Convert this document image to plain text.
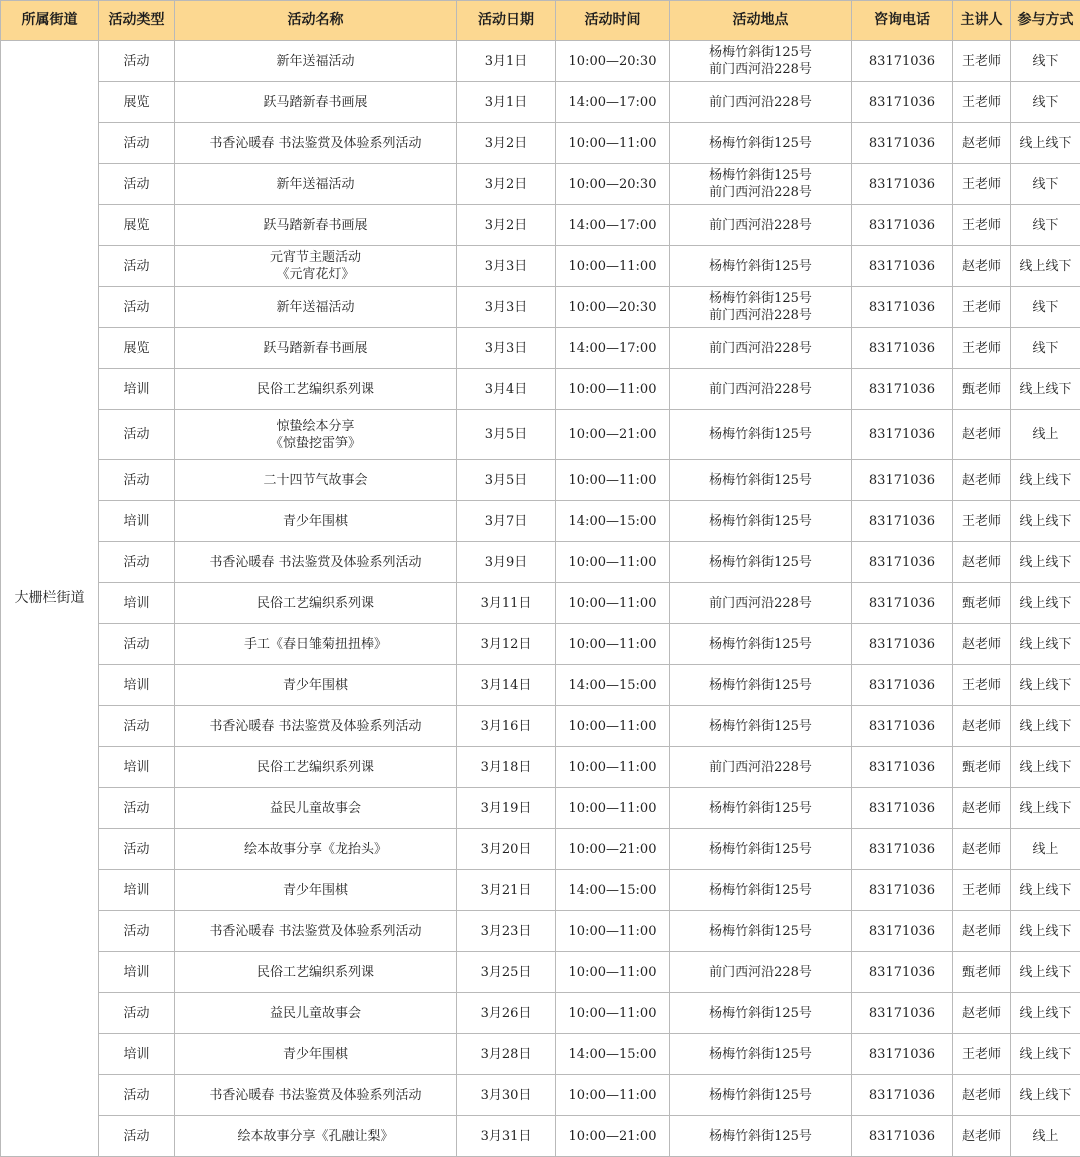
所属街道	活动类型	活动名称	活动日期	活动时间	活动地点	咨询电话	主讲人	参与方式
大栅栏街道	活动	新年送福活动	3月1日	10:00—20:30	杨梅竹斜街125号
前门西河沿228号	83171036	王老师	线下

	展览	跃马踏新春书画展	3月1日	14:00—17:00	前门西河沿228号	83171036	王老师	线下

	活动	书香沁暖春 书法鉴赏及体验系列活动	3月2日	10:00—11:00	杨梅竹斜街125号	83171036	赵老师	线上线下

	活动	新年送福活动	3月2日	10:00—20:30	杨梅竹斜街125号
前门西河沿228号	83171036	王老师	线下

	展览	跃马踏新春书画展	3月2日	14:00—17:00	前门西河沿228号	83171036	王老师	线下

	活动	元宵节主题活动
《元宵花灯》	3月3日	10:00—11:00	杨梅竹斜街125号	83171036	赵老师	线上线下

	活动	新年送福活动	3月3日	10:00—20:30	杨梅竹斜街125号
前门西河沿228号	83171036	王老师	线下

	展览	跃马踏新春书画展	3月3日	14:00—17:00	前门西河沿228号	83171036	王老师	线下

	培训	民俗工艺编织系列课	3月4日	10:00—11:00	前门西河沿228号	83171036	甄老师	线上线下

	活动	惊蛰绘本分享
《惊蛰挖雷笋》	3月5日	10:00—21:00	杨梅竹斜街125号	83171036	赵老师	线上

	活动	二十四节气故事会	3月5日	10:00—11:00	杨梅竹斜街125号	83171036	赵老师	线上线下

	培训	青少年围棋	3月7日	14:00—15:00	杨梅竹斜街125号	83171036	王老师	线上线下

	活动	书香沁暖春 书法鉴赏及体验系列活动	3月9日	10:00—11:00	杨梅竹斜街125号	83171036	赵老师	线上线下

	培训	民俗工艺编织系列课	3月11日	10:00—11:00	前门西河沿228号	83171036	甄老师	线上线下

	活动	手工《春日雏菊扭扭棒》	3月12日	10:00—11:00	杨梅竹斜街125号	83171036	赵老师	线上线下

	培训	青少年围棋	3月14日	14:00—15:00	杨梅竹斜街125号	83171036	王老师	线上线下

	活动	书香沁暖春 书法鉴赏及体验系列活动	3月16日	10:00—11:00	杨梅竹斜街125号	83171036	赵老师	线上线下

	培训	民俗工艺编织系列课	3月18日	10:00—11:00	前门西河沿228号	83171036	甄老师	线上线下

	活动	益民儿童故事会	3月19日	10:00—11:00	杨梅竹斜街125号	83171036	赵老师	线上线下

	活动	绘本故事分享《龙抬头》	3月20日	10:00—21:00	杨梅竹斜街125号	83171036	赵老师	线上

	培训	青少年围棋	3月21日	14:00—15:00	杨梅竹斜街125号	83171036	王老师	线上线下

	活动	书香沁暖春 书法鉴赏及体验系列活动	3月23日	10:00—11:00	杨梅竹斜街125号	83171036	赵老师	线上线下

	培训	民俗工艺编织系列课	3月25日	10:00—11:00	前门西河沿228号	83171036	甄老师	线上线下

	活动	益民儿童故事会	3月26日	10:00—11:00	杨梅竹斜街125号	83171036	赵老师	线上线下

	培训	青少年围棋	3月28日	14:00—15:00	杨梅竹斜街125号	83171036	王老师	线上线下

	活动	书香沁暖春 书法鉴赏及体验系列活动	3月30日	10:00—11:00	杨梅竹斜街125号	83171036	赵老师	线上线下

	活动	绘本故事分享《孔融让梨》	3月31日	10:00—21:00	杨梅竹斜街125号	83171036	赵老师	线上
